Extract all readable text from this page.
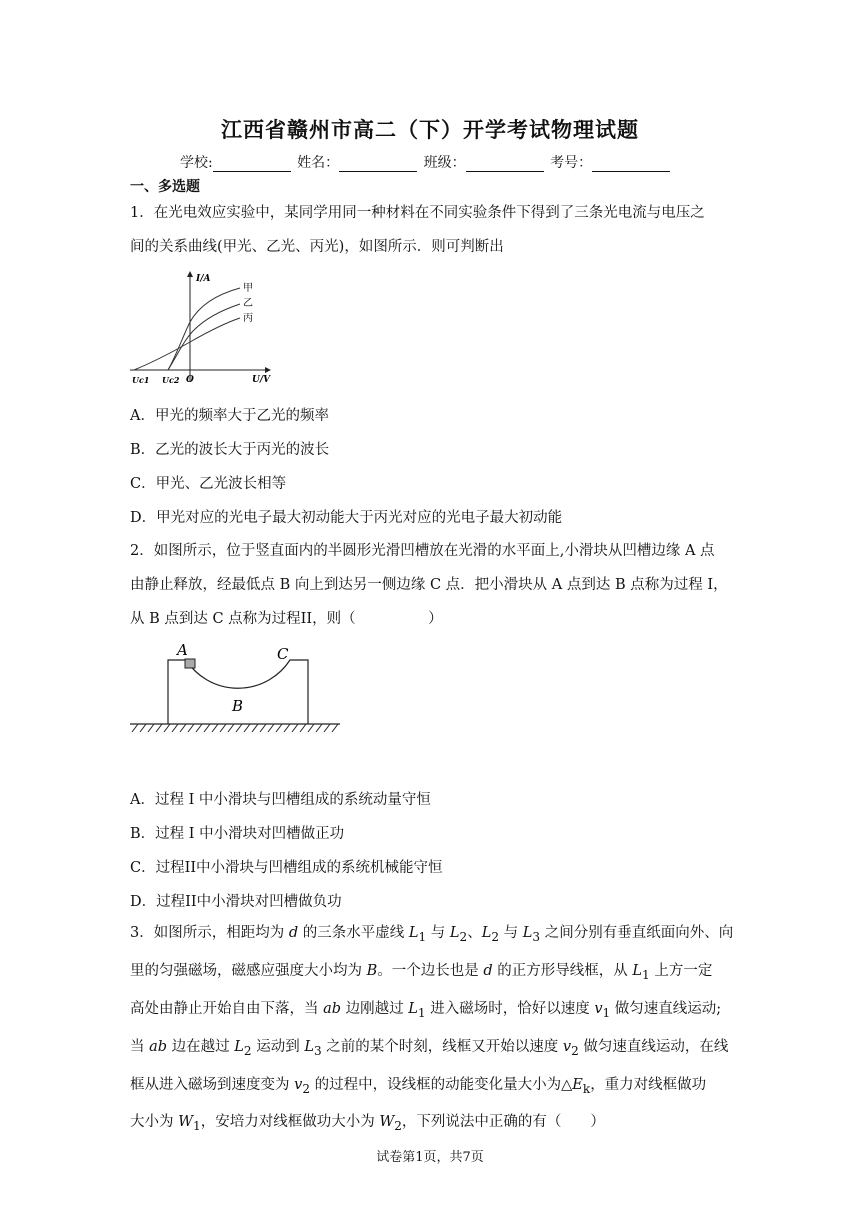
江西省赣州市高二（下）开学考试物理试题
学校:	姓名：	班级：	考号：
一、多选题
1．在光电效应实验中，某同学用同一种材料在不同实验条件下得到了三条光电流与电压之
间的关系曲线(甲光、乙光、丙光)，如图所示．则可判断出
I/A
U/V
O
Uc1 Uc2
甲
乙
丙
A．甲光的频率大于乙光的频率
B．乙光的波长大于丙光的波长
C．甲光、乙光波长相等
D．甲光对应的光电子最大初动能大于丙光对应的光电子最大初动能
2．如图所示，位于竖直面内的半圆形光滑凹槽放在光滑的水平面上,小滑块从凹槽边缘 A 点
由静止释放，经最低点 B 向上到达另一侧边缘 C 点．把小滑块从 A 点到达 B 点称为过程 I，
从 B 点到达 C 点称为过程II，则（　　　　　）
A
B
C
A．过程 I 中小滑块与凹槽组成的系统动量守恒
B．过程 I 中小滑块对凹槽做正功
C．过程II中小滑块与凹槽组成的系统机械能守恒
D．过程II中小滑块对凹槽做负功
3．如图所示，相距均为 d 的三条水平虚线 $L_1$ 与 $L_2$、$L_2$ 与 $L_3$ 之间分别有垂直纸面向外、向
里的匀强磁场，磁感应强度大小均为 B。一个边长也是 d 的正方形导线框，从 $L_1$ 上方一定
高处由静止开始自由下落，当 ab 边刚越过 $L_1$ 进入磁场时，恰好以速度 $v_1$ 做匀速直线运动;
当 ab 边在越过 $L_2$ 运动到 $L_3$ 之前的某个时刻，线框又开始以速度 $v_2$ 做匀速直线运动，在线
框从进入磁场到速度变为 $v_2$ 的过程中，设线框的动能变化量大小为$\triangle E_k$，重力对线框做功
大小为 $W_1$，安培力对线框做功大小为 $W_2$，下列说法中正确的有（　　）
试卷第1页，共7页
